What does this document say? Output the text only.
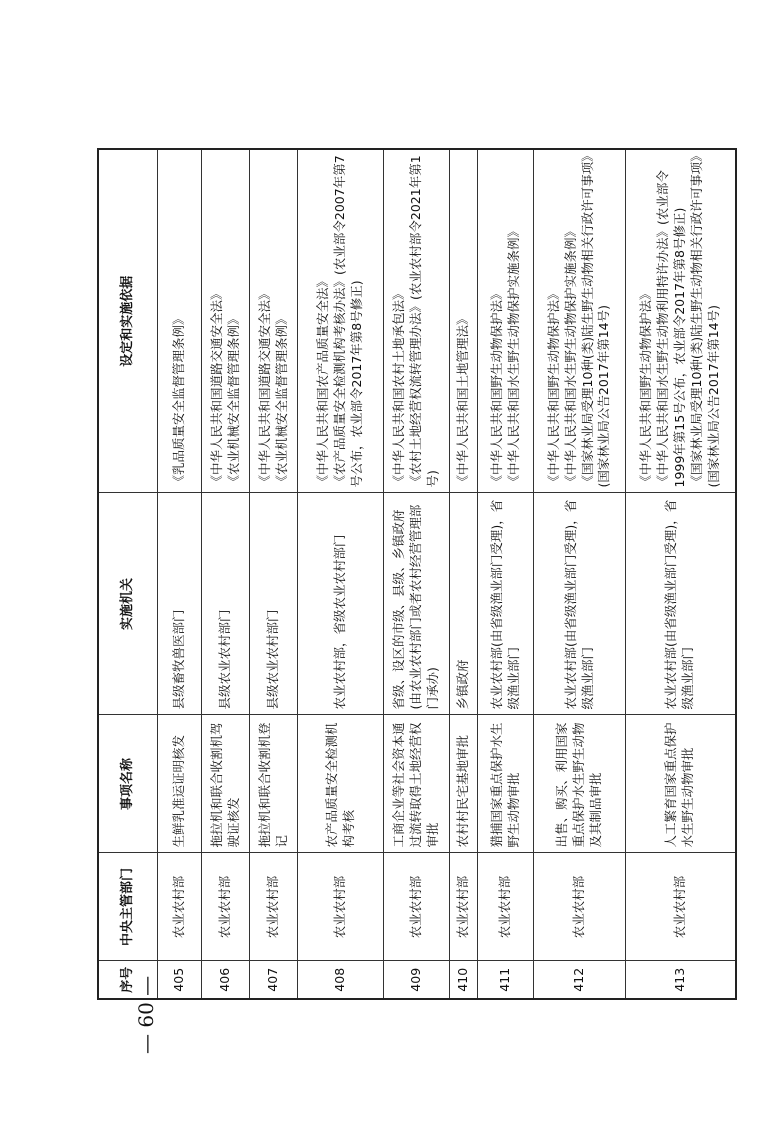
— 60 —
序号	中央主管部门	事项名称	实施机关	设定和实施依据
405	农业农村部	生鲜乳准运证明核发	县级畜牧兽医部门	《乳品质量安全监督管理条例》

406	农业农村部	拖拉机和联合收割机驾驶证核发	县级农业农村部门	《中华人民共和国道路交通安全法》 《农业机械安全监督管理条例》

407	农业农村部	拖拉机和联合收割机登记	县级农业农村部门	《中华人民共和国道路交通安全法》 《农业机械安全监督管理条例》

408	农业农村部	农产品质量安全检测机构考核	农业农村部，省级农业农村部门	《中华人民共和国农产品质量安全法》 《农产品质量安全检测机构考核办法》(农业部令2007年第7号公布，农业部令2017年第8号修正)

409	农业农村部	工商企业等社会资本通过流转取得土地经营权审批	省级、设区的市级、县级、乡镇政府(由农业农村部门或者农村经营管理部门承办)	《中华人民共和国农村土地承包法》 《农村土地经营权流转管理办法》(农业农村部令2021年第1号)

410	农业农村部	农村村民宅基地审批	乡镇政府	《中华人民共和国土地管理法》

411	农业农村部	猎捕国家重点保护水生野生动物审批	农业农村部(由省级渔业部门受理)，省级渔业部门	《中华人民共和国野生动物保护法》 《中华人民共和国水生野生动物保护实施条例》

412	农业农村部	出售、购买、利用国家重点保护水生野生动物及其制品审批	农业农村部(由省级渔业部门受理)，省级渔业部门	《中华人民共和国野生动物保护法》 《中华人民共和国水生野生动物保护实施条例》 《国家林业局受理10种(类)陆生野生动物相关行政许可事项》(国家林业局公告2017年第14号)

413	农业农村部	人工繁育国家重点保护水生野生动物审批	农业农村部(由省级渔业部门受理)，省级渔业部门	《中华人民共和国野生动物保护法》 《中华人民共和国水生野生动物利用特许办法》(农业部令1999年第15号公布，农业部令2017年第8号修正) 《国家林业局受理10种(类)陆生野生动物相关行政许可事项》(国家林业局公告2017年第14号)
